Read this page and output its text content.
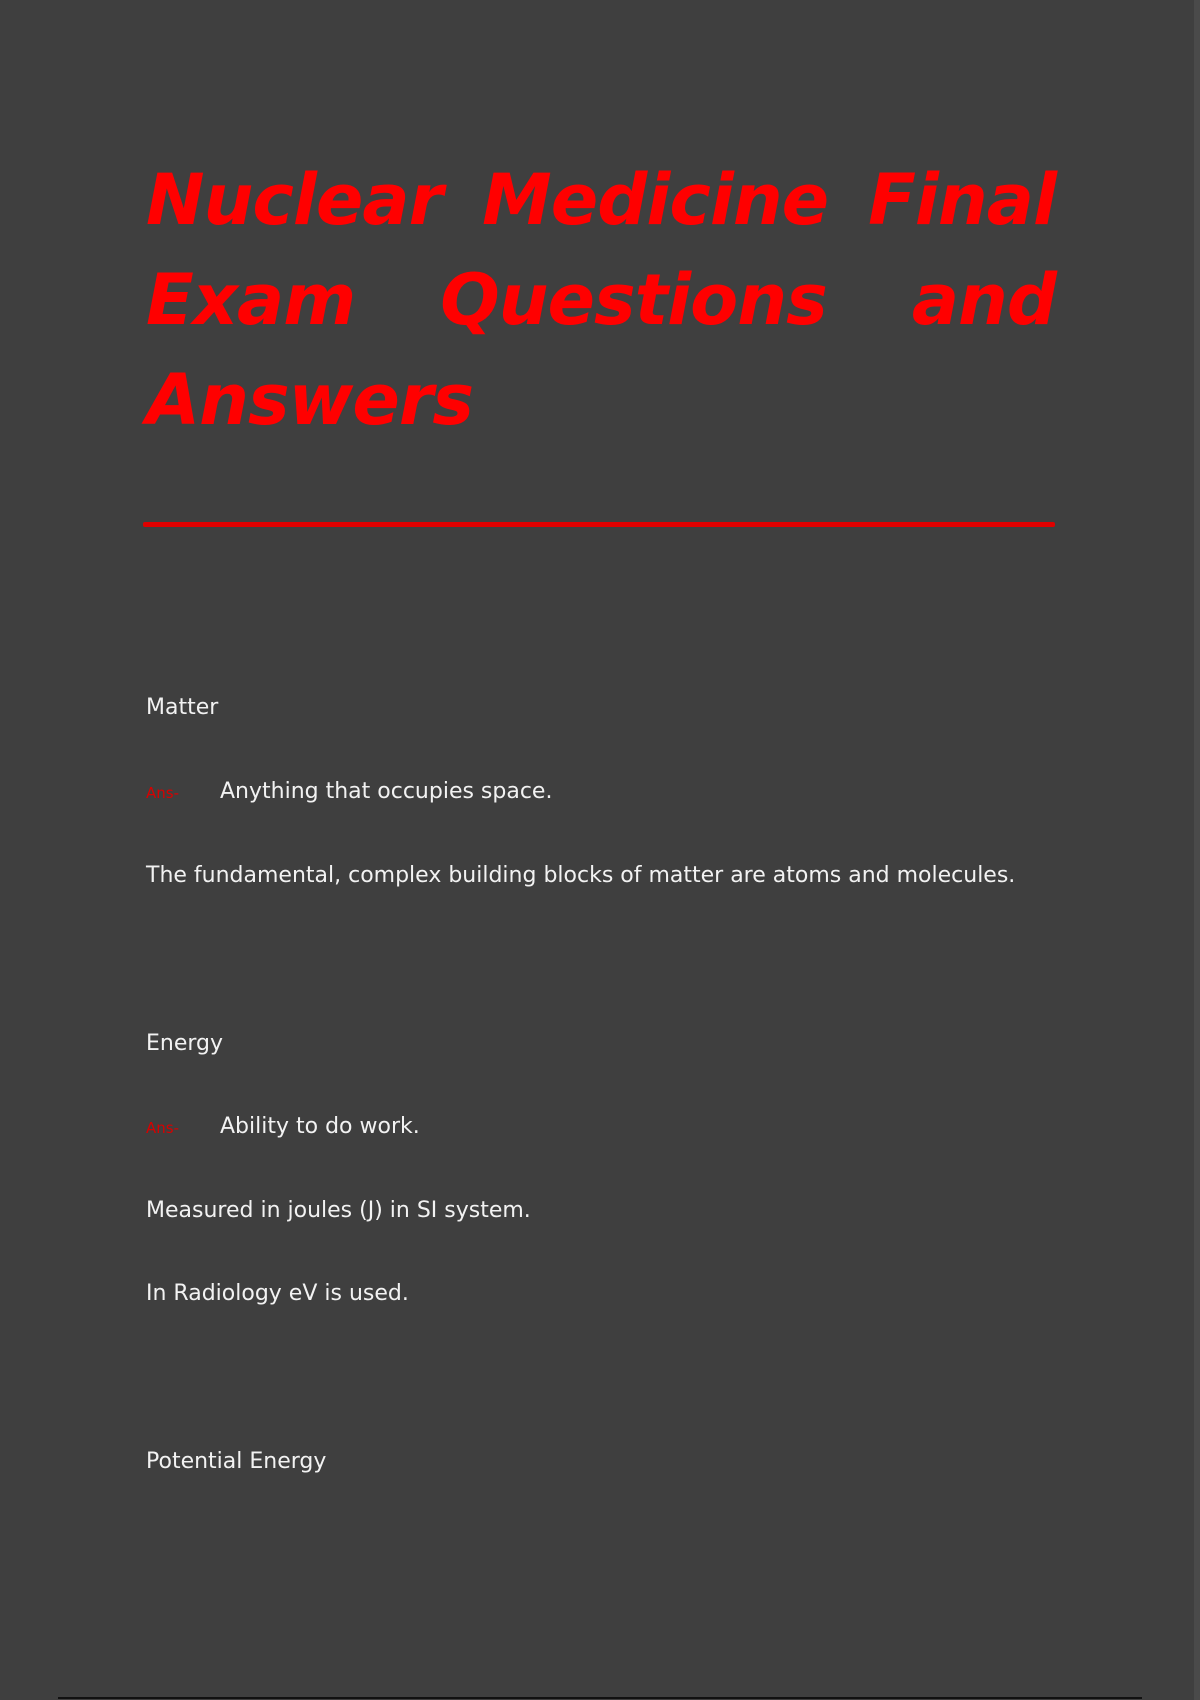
Nuclear Medicine Final Exam Questions and Answers

Matter

Ans- Anything that occupies space.

The fundamental, complex building blocks of matter are atoms and molecules.

Energy

Ans- Ability to do work.

Measured in joules (J) in SI system.

In Radiology eV is used.

Potential Energy
